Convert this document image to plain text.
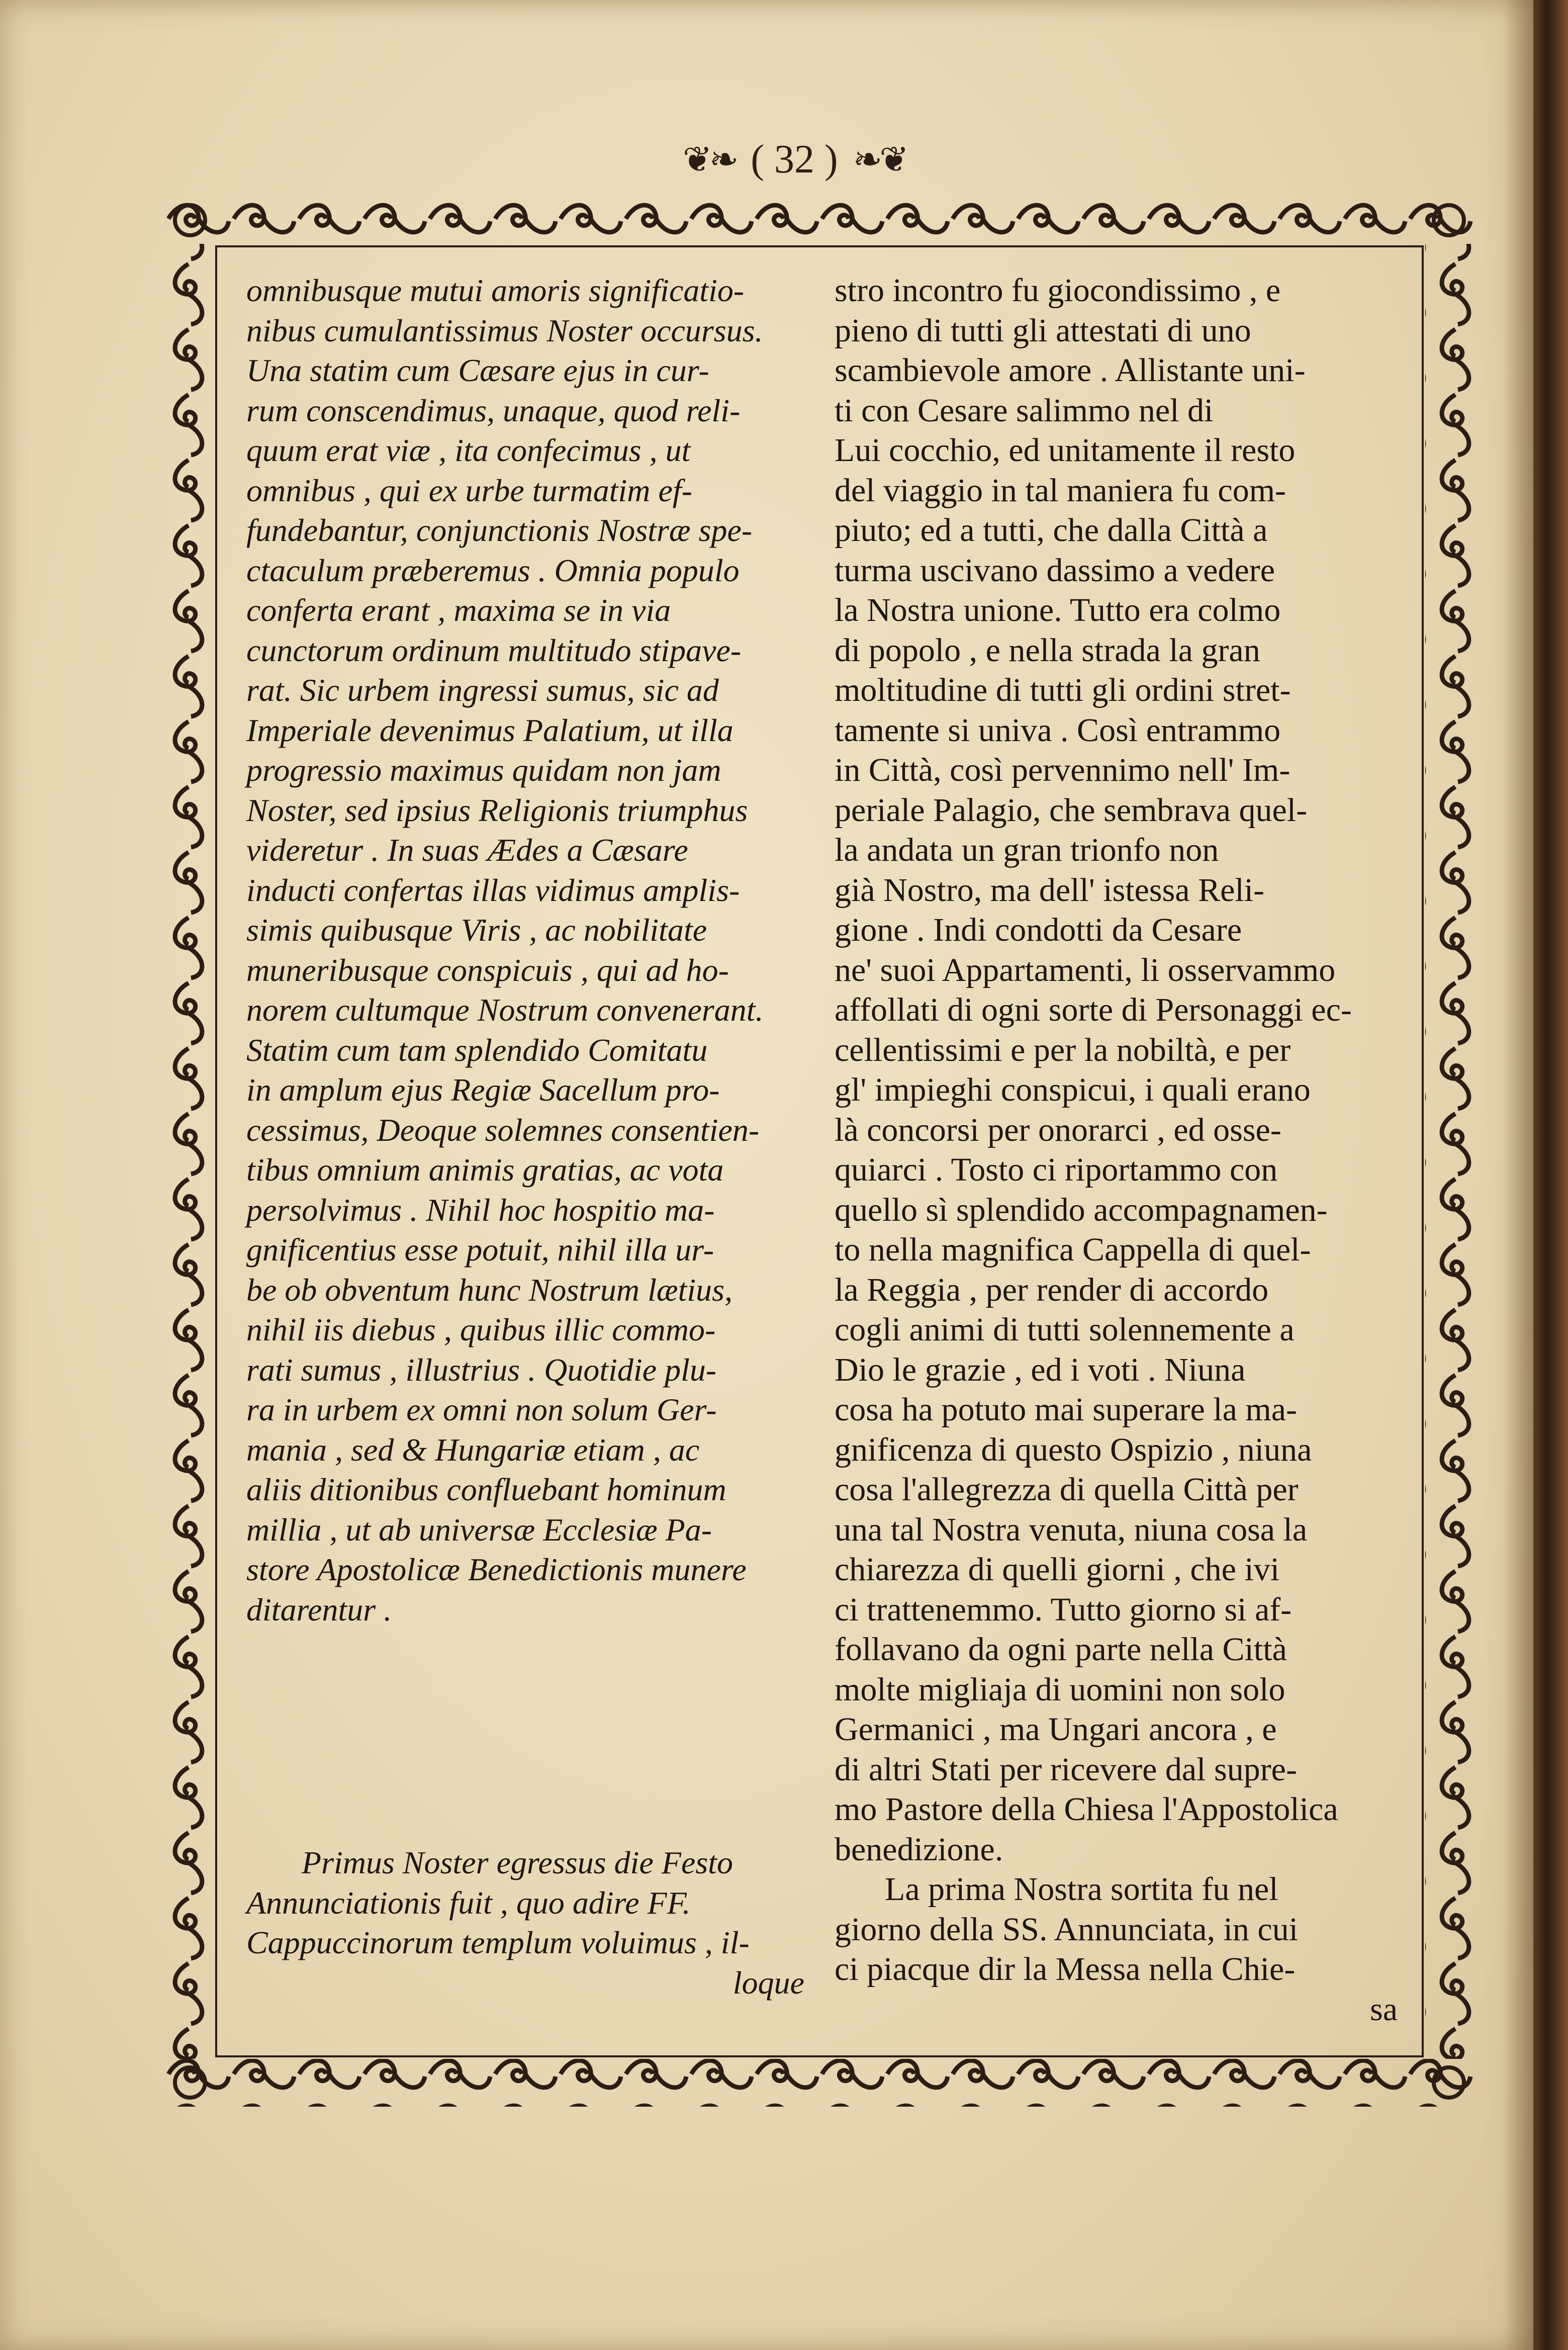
❦❧ ( 32 ) ❧❦

omnibusque mutui amoris significatio-

nibus cumulantissimus Noster occursus.

Una statim cum Cæsare ejus in cur-

rum conscendimus, unaque, quod reli-

quum erat viæ , ita confecimus , ut

omnibus , qui ex urbe turmatim ef-

fundebantur, conjunctionis Nostræ spe-

ctaculum præberemus . Omnia populo

conferta erant , maxima se in via

cunctorum ordinum multitudo stipave-

rat. Sic urbem ingressi sumus, sic ad

Imperiale devenimus Palatium, ut illa

progressio maximus quidam non jam

Noster, sed ipsius Religionis triumphus

videretur . In suas Ædes a Cæsare

inducti confertas illas vidimus amplis-

simis quibusque Viris , ac nobilitate

muneribusque conspicuis , qui ad ho-

norem cultumque Nostrum convenerant.

Statim cum tam splendido Comitatu

in amplum ejus Regiæ Sacellum pro-

cessimus, Deoque solemnes consentien-

tibus omnium animis gratias, ac vota

persolvimus . Nihil hoc hospitio ma-

gnificentius esse potuit, nihil illa ur-

be ob obventum hunc Nostrum lætius,

nihil iis diebus , quibus illic commo-

rati sumus , illustrius . Quotidie plu-

ra in urbem ex omni non solum Ger-

mania , sed & Hungariæ etiam , ac

aliis ditionibus confluebant hominum

millia , ut ab universæ Ecclesiæ Pa-

store Apostolicæ Benedictionis munere

ditarentur .

Primus Noster egressus die Festo

Annunciationis fuit , quo adire FF.

Cappuccinorum templum voluimus , il-

loque

stro incontro fu giocondissimo , e

pieno di tutti gli attestati di uno

scambievole amore . Allistante uni-

ti con Cesare salimmo nel di

Lui cocchio, ed unitamente il resto

del viaggio in tal maniera fu com-

piuto; ed a tutti, che dalla Città a

turma uscivano dassimo a vedere

la Nostra unione. Tutto era colmo

di popolo , e nella strada la gran

moltitudine di tutti gli ordini stret-

tamente si univa . Così entrammo

in Città, così pervennimo nell' Im-

periale Palagio, che sembrava quel-

la andata un gran trionfo non

già Nostro, ma dell' istessa Reli-

gione . Indi condotti da Cesare

ne' suoi Appartamenti, li osservammo

affollati di ogni sorte di Personaggi ec-

cellentissimi e per la nobiltà, e per

gl' impieghi conspicui, i quali erano

là concorsi per onorarci , ed osse-

quiarci . Tosto ci riportammo con

quello sì splendido accompagnamen-

to nella magnifica Cappella di quel-

la Reggia , per render di accordo

cogli animi di tutti solennemente a

Dio le grazie , ed i voti . Niuna

cosa ha potuto mai superare la ma-

gnificenza di questo Ospizio , niuna

cosa l'allegrezza di quella Città per

una tal Nostra venuta, niuna cosa la

chiarezza di quelli giorni , che ivi

ci trattenemmo. Tutto giorno si af-

follavano da ogni parte nella Città

molte migliaja di uomini non solo

Germanici , ma Ungari ancora , e

di altri Stati per ricevere dal supre-

mo Pastore della Chiesa l'Appostolica

benedizione.

La prima Nostra sortita fu nel

giorno della SS. Annunciata, in cui

ci piacque dir la Messa nella Chie-

sa
